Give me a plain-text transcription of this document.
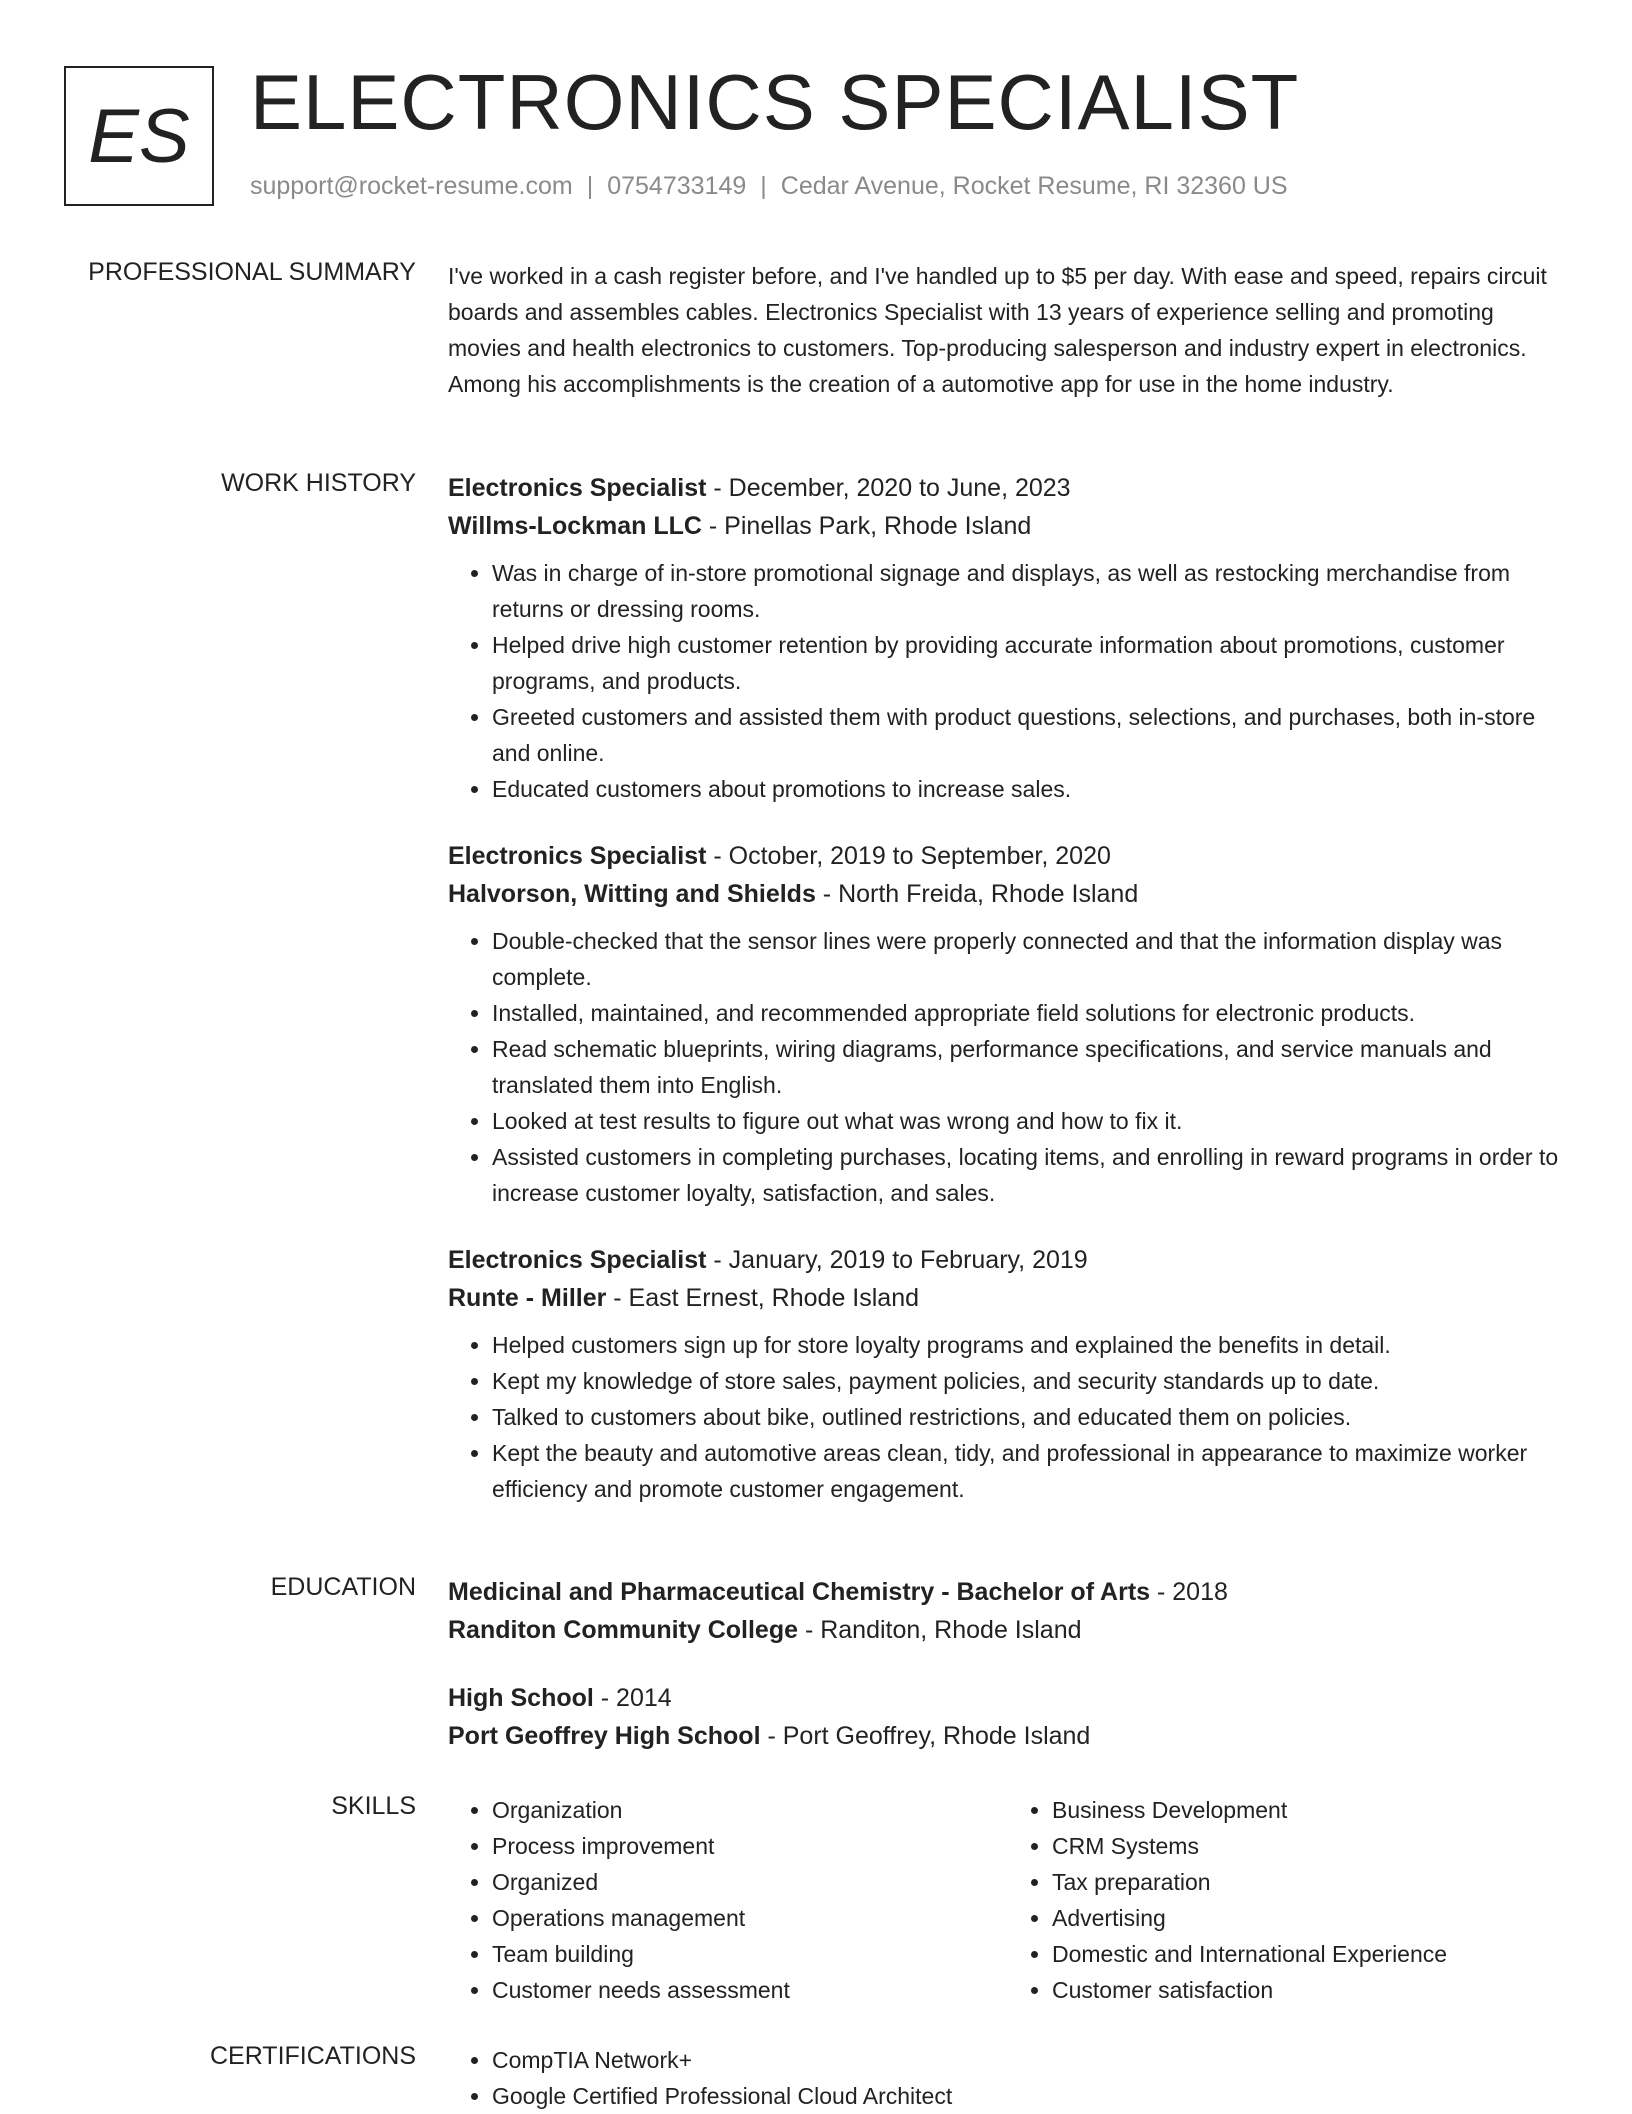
ES ELECTRONICS SPECIALIST
support@rocket-resume.com | 0754733149 | Cedar Avenue, Rocket Resume, RI 32360 US
PROFESSIONAL SUMMARY I've worked in a cash register before, and I've handled up to $5 per day. With ease and speed, repairs circuit boards and assembles cables. Electronics Specialist with 13 years of experience selling and promoting movies and health electronics to customers. Top-producing salesperson and industry expert in electronics. Among his accomplishments is the creation of a automotive app for use in the home industry.

WORK HISTORY Electronics Specialist - December, 2020 to June, 2023

Willms-Lockman LLC - Pinellas Park, Rhode Island

• Was in charge of in-store promotional signage and displays, as well as restocking merchandise from returns or dressing rooms.
• Helped drive high customer retention by providing accurate information about promotions, customer programs, and products.
• Greeted customers and assisted them with product questions, selections, and purchases, both in-store and online.
• Educated customers about promotions to increase sales.

Electronics Specialist - October, 2019 to September, 2020

Halvorson, Witting and Shields - North Freida, Rhode Island

• Double-checked that the sensor lines were properly connected and that the information display was complete.
• Installed, maintained, and recommended appropriate field solutions for electronic products.
• Read schematic blueprints, wiring diagrams, performance specifications, and service manuals and translated them into English.
• Looked at test results to figure out what was wrong and how to fix it.
• Assisted customers in completing purchases, locating items, and enrolling in reward programs in order to increase customer loyalty, satisfaction, and sales.

Electronics Specialist - January, 2019 to February, 2019

Runte - Miller - East Ernest, Rhode Island

• Helped customers sign up for store loyalty programs and explained the benefits in detail.
• Kept my knowledge of store sales, payment policies, and security standards up to date.
• Talked to customers about bike, outlined restrictions, and educated them on policies.
• Kept the beauty and automotive areas clean, tidy, and professional in appearance to maximize worker efficiency and promote customer engagement.
EDUCATION Medicinal and Pharmaceutical Chemistry - Bachelor of Arts - 2018

Randiton Community College - Randiton, Rhode Island

High School - 2014

Port Geoffrey High School - Port Geoffrey, Rhode Island

SKILLS	• Organization
• Process improvement
• Organized
• Operations management
• Team building
• Customer needs assessment
• Business Development
• CRM Systems
• Tax preparation
• Advertising
• Domestic and International Experience
• Customer satisfaction
CERTIFICATIONS	• CompTIA Network+
• Google Certified Professional Cloud Architect
